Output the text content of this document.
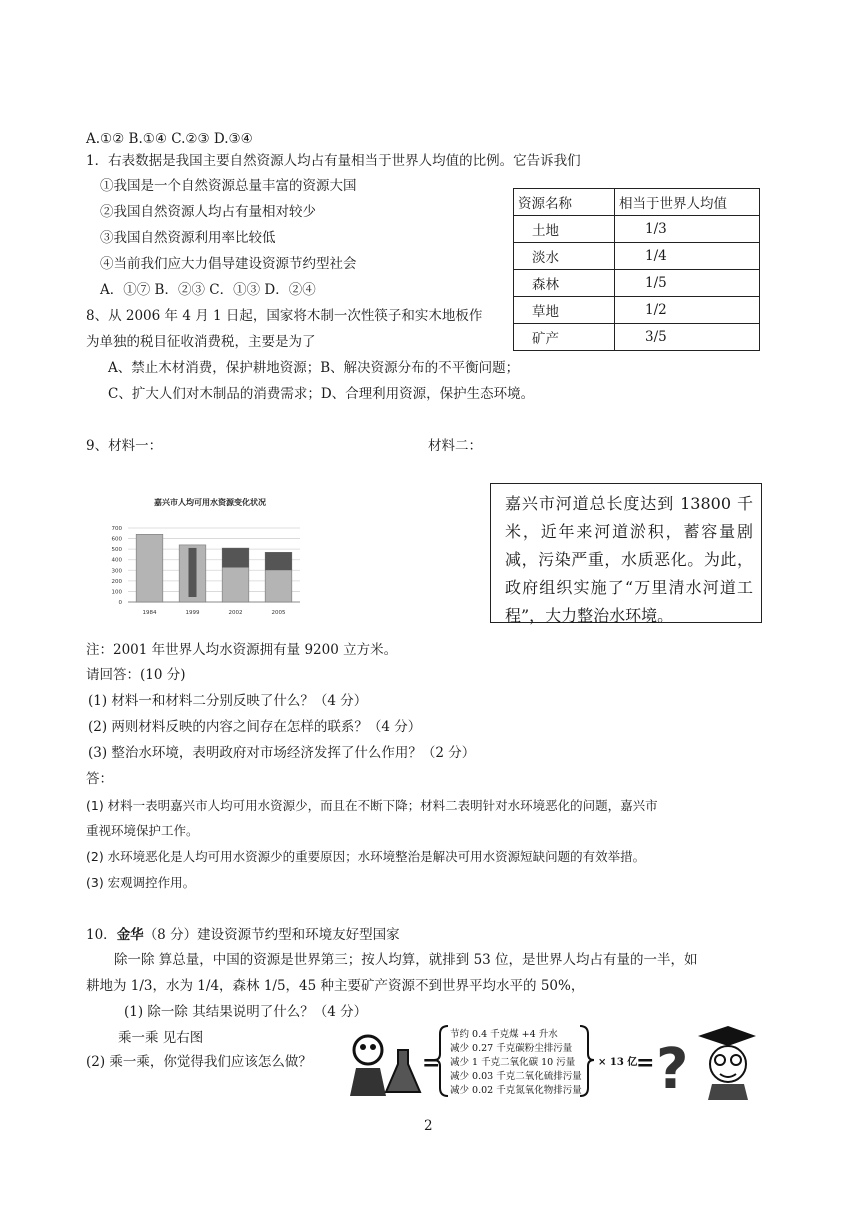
A.①② B.①④ C.②③ D.③④
1．右表数据是我国主要自然资源人均占有量相当于世界人均值的比例。它告诉我们
①我国是一个自然资源总量丰富的资源大国
②我国自然资源人均占有量相对较少
③我国自然资源利用率比较低
④当前我们应大力倡导建设资源节约型社会
A．①⑦ B．②③ C．①③ D．②④
资源名称	相当于世界人均值
土地	1/3
淡水	1/4
森林	1/5
草地	1/2
矿产	3/5
8、从 2006 年 4 月 1 日起，国家将木制一次性筷子和实木地板作
为单独的税目征收消费税，主要是为了
A、禁止木材消费，保护耕地资源；B、解决资源分布的不平衡问题；
C、扩大人们对木制品的消费需求；D、合理利用资源，保护生态环境。
9、材料一：	材料二：
嘉兴市人均可用水资源变化状况
700
600
500
400
300
200
100
0
1984	1999	2002	2005
嘉兴市河道总长度达到 13800 千米，近年来河道淤积，蓄容量剧减，污染严重，水质恶化。为此，政府组织实施了“万里清水河道工程”，大力整治水环境。
注：2001 年世界人均水资源拥有量 9200 立方米。
请回答：(10 分)
(1) 材料一和材料二分别反映了什么？（4 分）
(2) 两则材料反映的内容之间存在怎样的联系？（4 分）
(3) 整治水环境，表明政府对市场经济发挥了什么作用？（2 分）
答：
(1) 材料一表明嘉兴市人均可用水资源少，而且在不断下降；材料二表明针对水环境恶化的问题，嘉兴市
重视环境保护工作。
(2) 水环境恶化是人均可用水资源少的重要原因；水环境整治是解决可用水资源短缺问题的有效举措。
(3) 宏观调控作用。
10．金华（8 分）建设资源节约型和环境友好型国家
除一除 算总量，中国的资源是世界第三；按人均算，就排到 53 位，是世界人均占有量的一半，如
耕地为 1/3，水为 1/4，森林 1/5，45 种主要矿产资源不到世界平均水平的 50%，
(1) 除一除 其结果说明了什么？（4 分）
乘一乘 见右图
(2) 乘一乘，你觉得我们应该怎么做？	=
节约 0.4 千克煤 +4 升水
减少 0.27 千克碳粉尘排污量
减少 1 千克二氧化碳 10 污量
减少 0.03 千克二氧化硫排污量
减少 0.02 千克氮氧化物排污量
× 13 亿
= ?
2
